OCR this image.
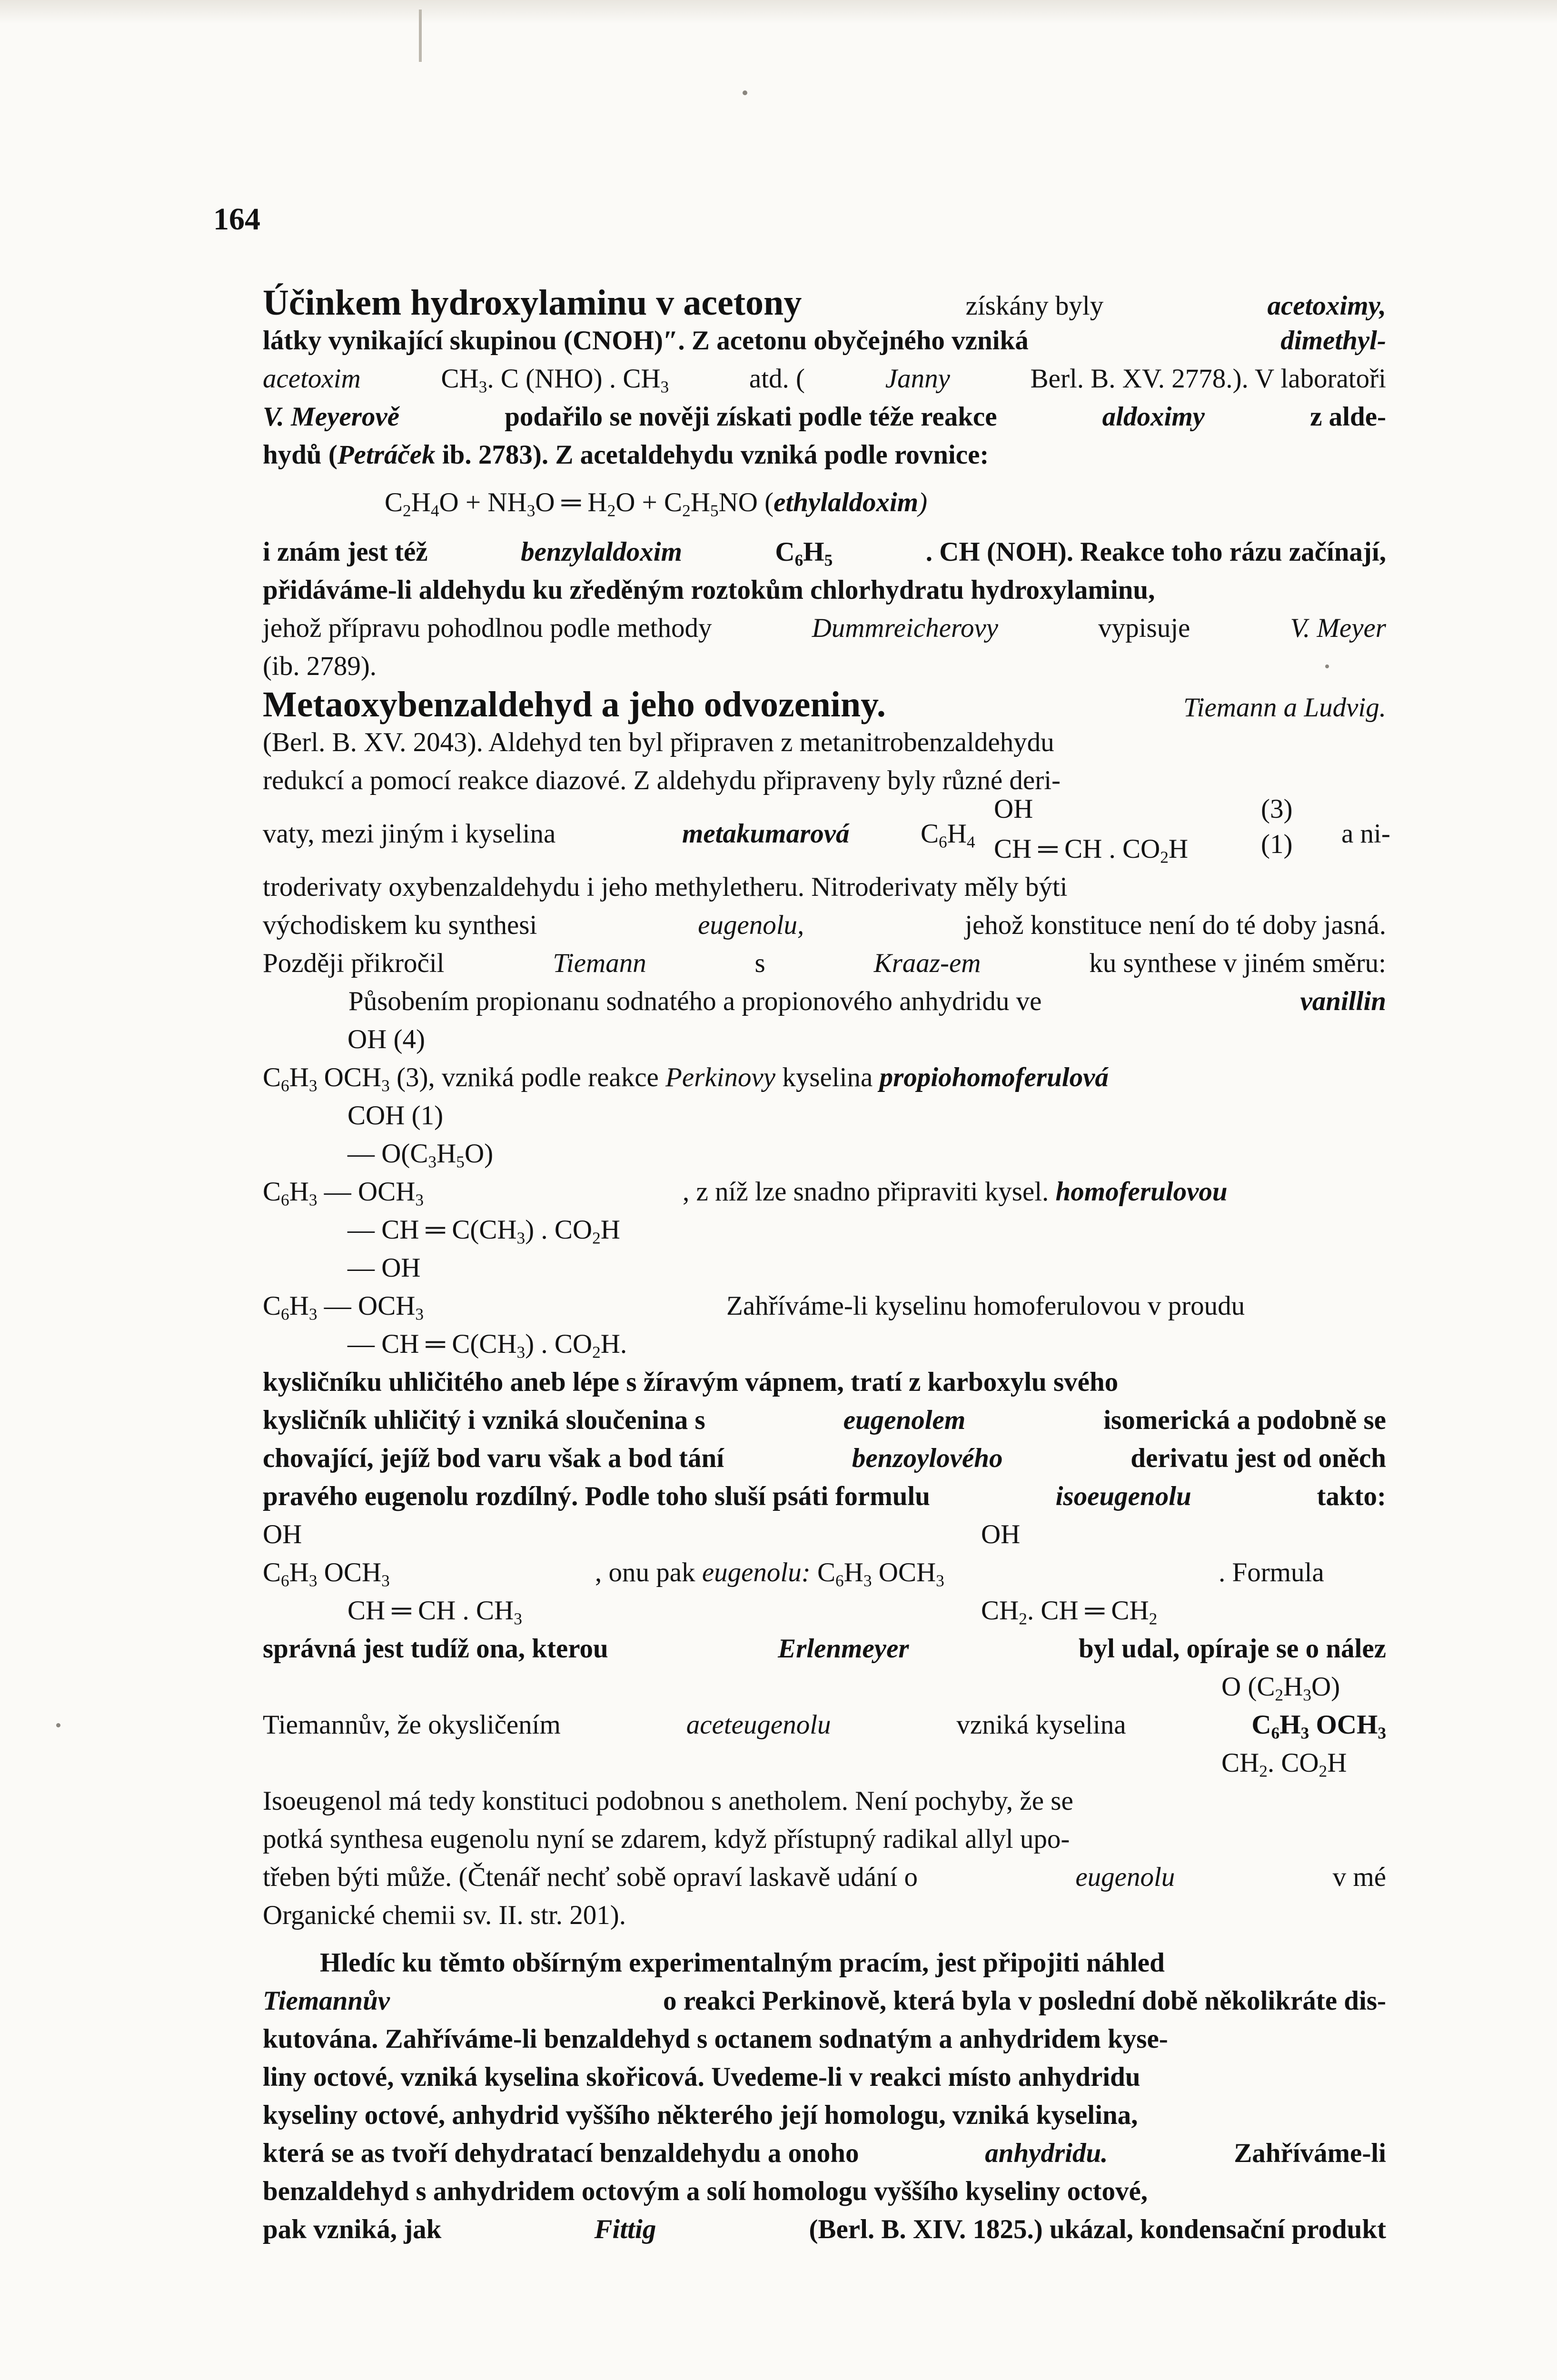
164
Účinkem hydroxylaminu v acetony	získány byly	acetoximy,
látky vynikající skupinou (CNOH)″. Z acetonu obyčejného vzniká	dimethyl-
acetoxim	$CH_3$. C (NHO) . $CH_3$	atd. (	Janny	Berl. B. XV. 2778.). V laboratoři
V. Meyerově	podařilo se nověji získati podle téže reakce	aldoximy	z alde-
hydů (Petráček ib. 2783). Z acetaldehydu vzniká podle rovnice:
$C_2H_4O + NH_3O$ ═ $H_2O + C_2H_5NO$ (ethylaldoxim)
i znám jest též	benzylaldoxim	$C_6H_5$	. CH (NOH). Reakce toho rázu začínají,
přidáváme-li aldehydu ku zředěným roztokům chlorhydratu hydroxylaminu,
jehož přípravu pohodlnou podle methody	Dummreicherovy	vypisuje	V. Meyer
(ib. 2789).
Metaoxybenzaldehyd a jeho odvozeniny.	Tiemann a Ludvig.
(Berl. B. XV. 2043). Aldehyd ten byl připraven z metanitrobenzaldehydu
redukcí a pomocí reakce diazové. Z aldehydu připraveny byly různé deri-
OH	(3)
vaty, mezi jiným i kyselina	metakumarová	$C_6H_4$ CH ═ CH . $CO_2H$	(1) a ni-
troderivaty oxybenzaldehydu i jeho methyletheru. Nitroderivaty měly býti
východiskem ku synthesi	eugenolu,	jehož konstituce není do té doby jasná.
Později přikročil	Tiemann	s	Kraaz-em	ku synthese v jiném směru:
Působením propionanu sodnatého a propionového anhydridu ve	vanillin
OH (4)
$C_6H_3$ $OCH_3$ (3), vzniká podle reakce Perkinovy kyselina propiohomoferulová
COH (1)
— $O(C_3H_5O)$
$C_6H_3$ — $OCH_3$	, z níž lze snadno připraviti kysel. homoferulovou
— CH ═ $C(CH_3)$ . $CO_2H$
— OH
$C_6H_3$ — $OCH_3$	Zahříváme-li kyselinu homoferulovou v proudu
— CH ═ $C(CH_3)$ . $CO_2H$.
kysličníku uhličitého aneb lépe s žíravým vápnem, tratí z karboxylu svého
kysličník uhličitý i vzniká sloučenina s	eugenolem	isomerická a podobně se
chovající, jejíž bod varu však a bod tání	benzoylového	derivatu jest od oněch
pravého eugenolu rozdílný. Podle toho sluší psáti formulu	isoeugenolu	takto:
OH	OH
$C_6H_3$ $OCH_3$	, onu pak eugenolu: $C_6H_3$ $OCH_3$	. Formula
CH ═ CH . $CH_3$	$CH_2$. CH ═ $CH_2$
správná jest tudíž ona, kterou	Erlenmeyer	byl udal, opíraje se o nález
O $(C_2H_3O)$
Tiemannův, že okysličením	aceteugenolu	vzniká kyselina	$C_6H_3$ $OCH_3$
$CH_2$. $CO_2H$
Isoeugenol má tedy konstituci podobnou s anetholem. Není pochyby, že se
potká synthesa eugenolu nyní se zdarem, když přístupný radikal allyl upo-
třeben býti může. (Čtenář nechť sobě opraví laskavě udání o	eugenolu	v mé
Organické chemii sv. II. str. 201).
Hledíc ku těmto obšírným experimentalným pracím, jest připojiti náhled
Tiemannův	o reakci Perkinově, která byla v poslední době několikráte dis-
kutována. Zahříváme-li benzaldehyd s octanem sodnatým a anhydridem kyse-
liny octové, vzniká kyselina skořicová. Uvedeme-li v reakci místo anhydridu
kyseliny octové, anhydrid vyššího některého její homologu, vzniká kyselina,
která se as tvoří dehydratací benzaldehydu a onoho	anhydridu.	Zahříváme-li
benzaldehyd s anhydridem octovým a solí homologu vyššího kyseliny octové,
pak vzniká, jak	Fittig	(Berl. B. XIV. 1825.) ukázal, kondensační produkt
